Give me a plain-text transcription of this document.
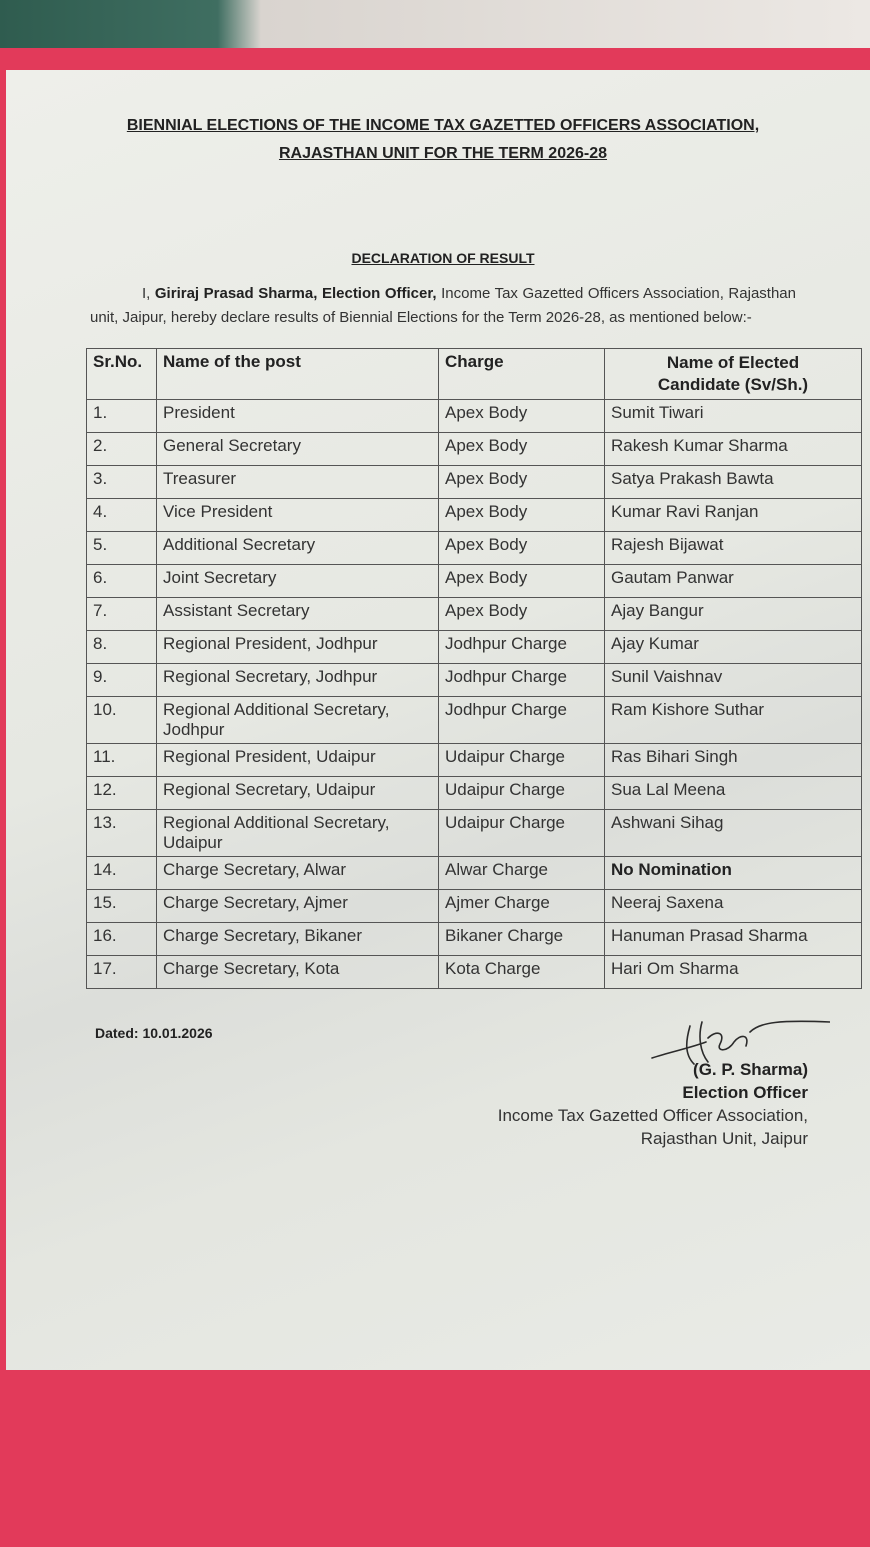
BIENNIAL ELECTIONS OF THE INCOME TAX GAZETTED OFFICERS ASSOCIATION,
RAJASTHAN UNIT FOR THE TERM 2026-28
DECLARATION OF RESULT
I, Giriraj Prasad Sharma, Election Officer, Income Tax Gazetted Officers Association, Rajasthan unit, Jaipur, hereby declare results of Biennial Elections for the Term 2026-28, as mentioned below:-
Sr.No.	Name of the post	Charge	Name of Elected
Candidate (Sv/Sh.)

1.	President	Apex Body	Sumit Tiwari
2.	General Secretary	Apex Body	Rakesh Kumar Sharma
3.	Treasurer	Apex Body	Satya Prakash Bawta
4.	Vice President	Apex Body	Kumar Ravi Ranjan
5.	Additional Secretary	Apex Body	Rajesh Bijawat
6.	Joint Secretary	Apex Body	Gautam Panwar
7.	Assistant Secretary	Apex Body	Ajay Bangur
8.	Regional President, Jodhpur	Jodhpur Charge	Ajay Kumar
9.	Regional Secretary, Jodhpur	Jodhpur Charge	Sunil Vaishnav
10.	Regional Additional Secretary, Jodhpur	Jodhpur Charge	Ram Kishore Suthar
11.	Regional President, Udaipur	Udaipur Charge	Ras Bihari Singh
12.	Regional Secretary, Udaipur	Udaipur Charge	Sua Lal Meena
13.	Regional Additional Secretary, Udaipur	Udaipur Charge	Ashwani Sihag
14.	Charge Secretary, Alwar	Alwar Charge	No Nomination
15.	Charge Secretary, Ajmer	Ajmer Charge	Neeraj Saxena
16.	Charge Secretary, Bikaner	Bikaner Charge	Hanuman Prasad Sharma
17.	Charge Secretary, Kota	Kota Charge	Hari Om Sharma
Dated: 10.01.2026
(G. P. Sharma)
Election Officer
Income Tax Gazetted Officer Association,
Rajasthan Unit, Jaipur
